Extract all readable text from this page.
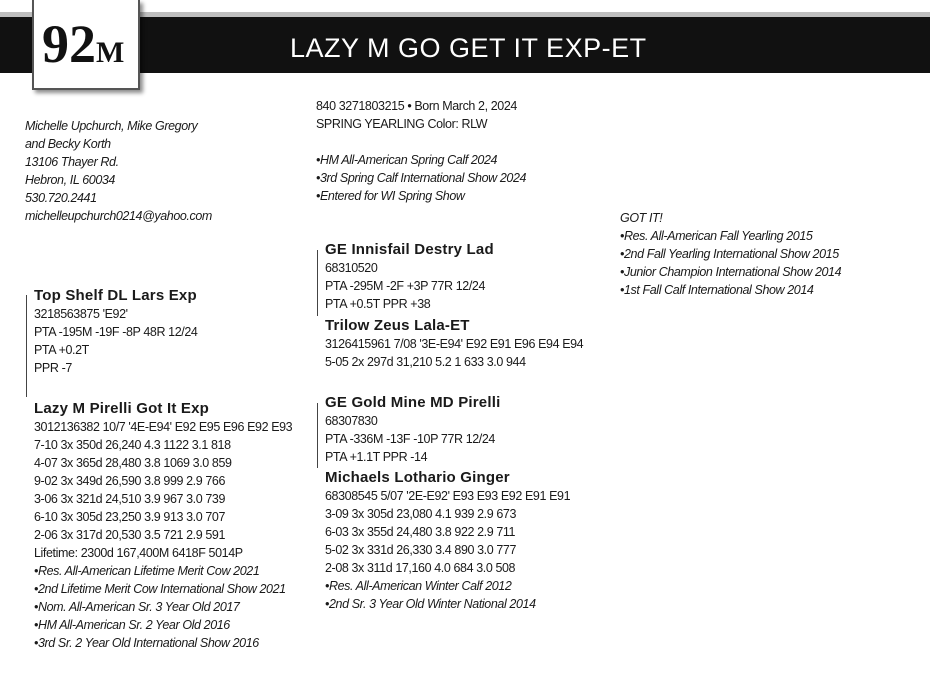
LAZY M GO GET IT EXP-ET
92M
Michelle Upchurch, Mike Gregory
and Becky Korth
13106 Thayer Rd.
Hebron, IL 60034
530.720.2441
michelleupchurch0214@yahoo.com
840 3271803215 • Born March 2, 2024
SPRING YEARLING Color: RLW
•HM All-American Spring Calf 2024
•3rd Spring Calf International Show 2024
•Entered for WI Spring Show
GOT IT!
•Res. All-American Fall Yearling 2015
•2nd Fall Yearling International Show 2015
•Junior Champion International Show 2014
•1st Fall Calf International Show 2014
Top Shelf DL Lars Exp
3218563875 'E92'
PTA -195M -19F -8P 48R 12/24
PTA +0.2T
PPR -7
Lazy M Pirelli Got It Exp
3012136382 10/7 '4E-E94' E92 E95 E96 E92 E93
7-10 3x 350d 26,240 4.3 1122 3.1 818
4-07 3x 365d 28,480 3.8 1069 3.0 859
9-02 3x 349d 26,590 3.8 999 2.9 766
3-06 3x 321d 24,510 3.9 967 3.0 739
6-10 3x 305d 23,250 3.9 913 3.0 707
2-06 3x 317d 20,530 3.5 721 2.9 591
Lifetime: 2300d 167,400M 6418F 5014P
•Res. All-American Lifetime Merit Cow 2021
•2nd Lifetime Merit Cow International Show 2021
•Nom. All-American Sr. 3 Year Old 2017
•HM All-American Sr. 2 Year Old 2016
•3rd Sr. 2 Year Old International Show 2016
GE Innisfail Destry Lad
68310520
PTA -295M -2F +3P 77R 12/24
PTA +0.5T PPR +38
Trilow Zeus Lala-ET
3126415961 7/08 '3E-E94' E92 E91 E96 E94 E94
5-05 2x 297d 31,210 5.2 1 633 3.0 944
GE Gold Mine MD Pirelli
68307830
PTA -336M -13F -10P 77R 12/24
PTA +1.1T PPR -14
Michaels Lothario Ginger
68308545 5/07 '2E-E92' E93 E93 E92 E91 E91
3-09 3x 305d 23,080 4.1 939 2.9 673
6-03 3x 355d 24,480 3.8 922 2.9 711
5-02 3x 331d 26,330 3.4 890 3.0 777
2-08 3x 311d 17,160 4.0 684 3.0 508
•Res. All-American Winter Calf 2012
•2nd Sr. 3 Year Old Winter National 2014
